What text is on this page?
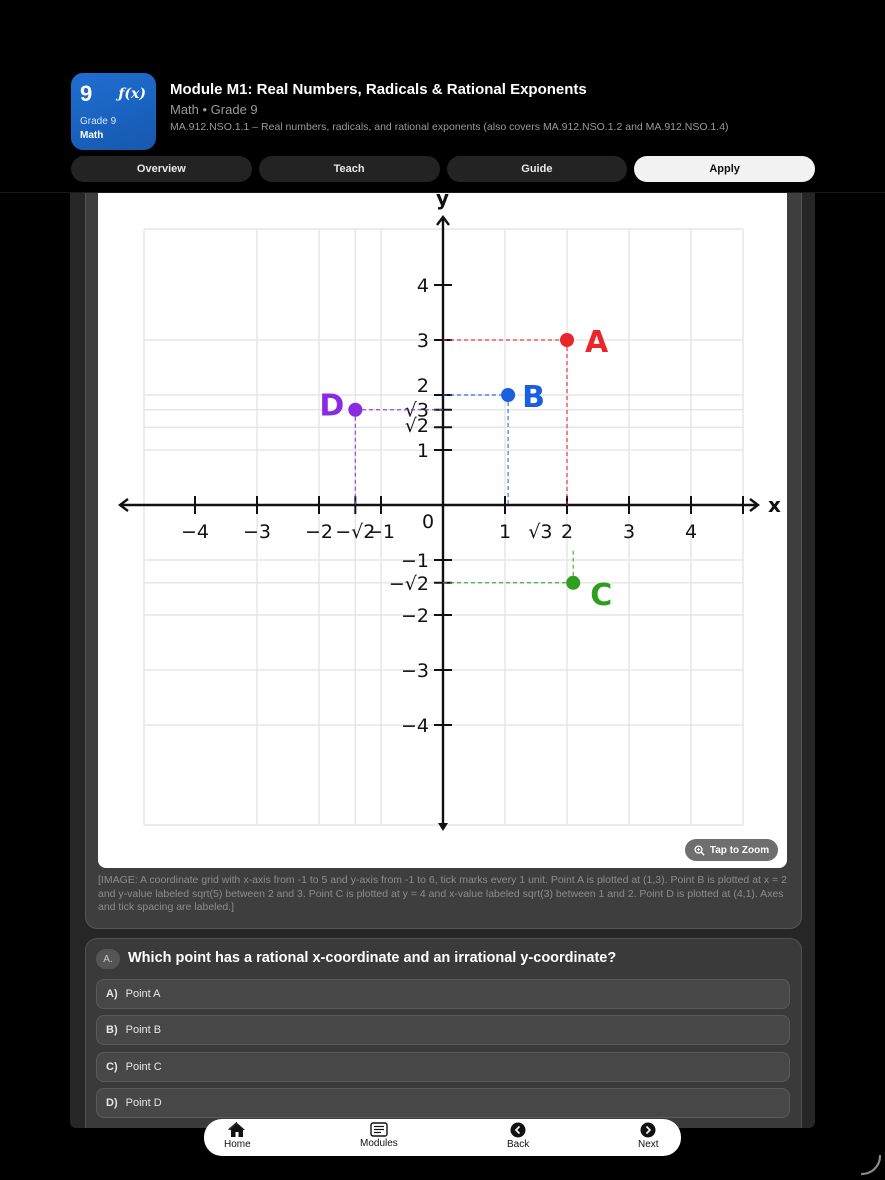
9 ƒ(x)
Grade 9
Math
Module M1: Real Numbers, Radicals & Rational Exponents
Math • Grade 9
MA.912.NSO.1.1 – Real numbers, radicals, and rational exponents (also covers MA.912.NSO.1.2 and MA.912.NSO.1.4)
Overview	Teach	Guide	Apply
x
y
−4 −3 −2 −√2
−1	1 √3 2	3	4
0
4
3
√3
2
√2
1
−1
−√2
−2
−3
−4
A
B
C
D
Tap to Zoom
[IMAGE: A coordinate grid with x-axis from -1 to 5 and y-axis from -1 to 6, tick marks every 1 unit. Point A is plotted at (1,3). Point B is plotted at x = 2 and y-value labeled sqrt(5) between 2 and 3. Point C is plotted at y = 4 and x-value labeled sqrt(3) between 1 and 2. Point D is plotted at (4,1). Axes and tick spacing are labeled.]
A.	Which point has a rational x-coordinate and an irrational y-coordinate?
A) Point A
B) Point B
C) Point C
D) Point D
Home	Modules	Back	Next
